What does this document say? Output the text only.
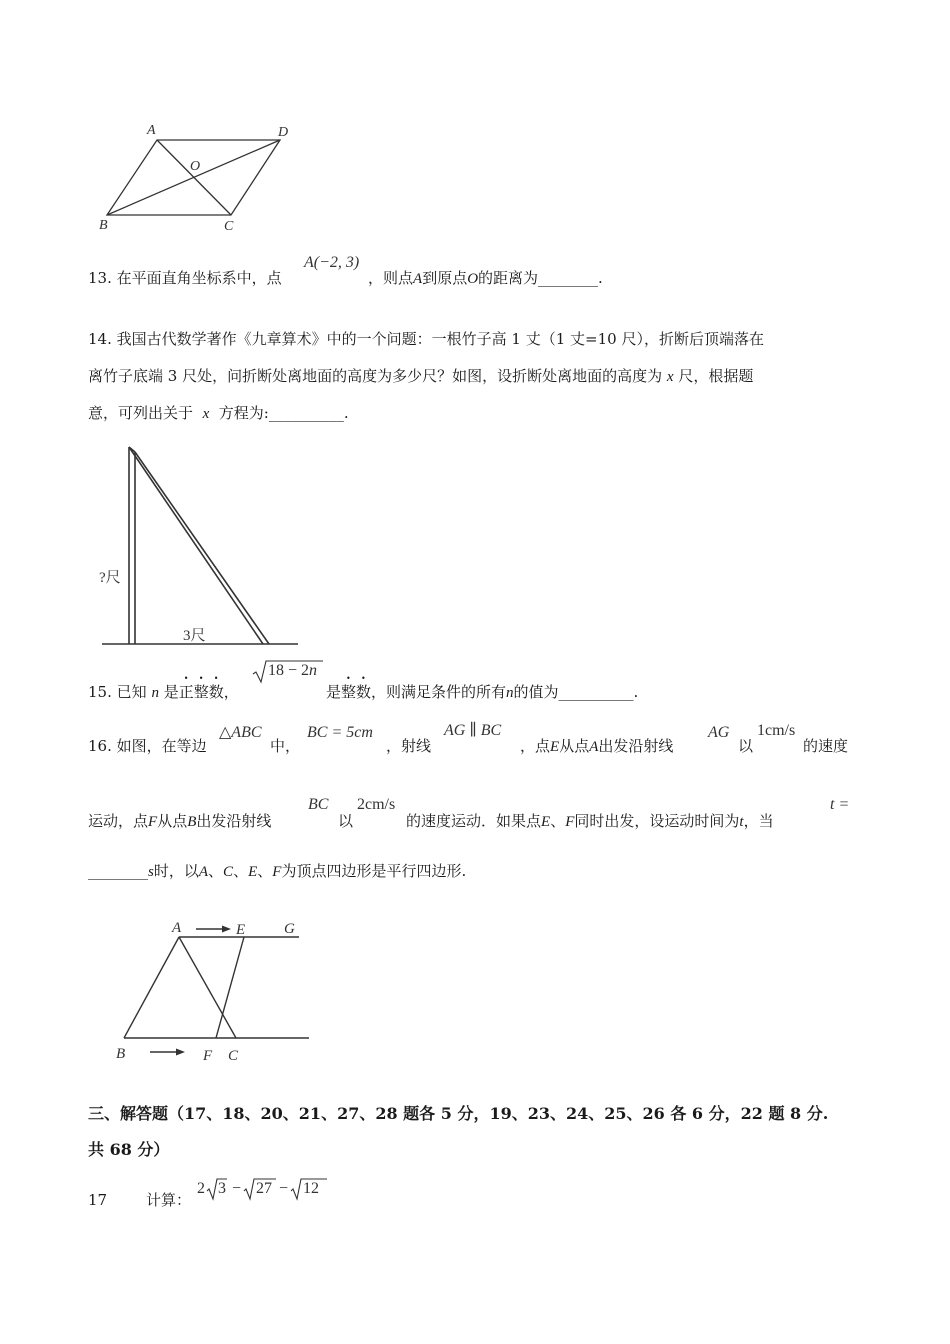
A	D
O
B	C
13. 在平面直角坐标系中，点
A(−2, 3)
，则点A到原点O的距离为________.
14. 我国古代数学著作《九章算术》中的一个问题：一根竹子高 1 丈（1 丈=10 尺），折断后顶端落在
离竹子底端 3 尺处，问折断处离地面的高度为多少尺？如图，设折断处离地面的高度为 x 尺，根据题
意，可列出关于 x 方程为:__________.
?尺
3尺
15. 已知 n 是正整数，
18 − 2n
是整数，则满足条件的所有n的值为__________.
16. 如图，在等边
△ABC
中，
BC = 5cm
，射线
AG ∥ BC
，点E从点A出发沿射线
AG
以
1cm/s
的速度
运动，点F从点B出发沿射线
BC
以
2cm/s
的速度运动．如果点E、F同时出发，设运动时间为t，当
t =
________s时，以A、C、E、F为顶点四边形是平行四边形.
A	E	G
B	F C
三、解答题（17、18、20、21、27、28 题各 5 分，19、23、24、25、26 各 6 分，22 题 8 分.
共 68 分）
17	计算：
2 3 − 27 − 12
